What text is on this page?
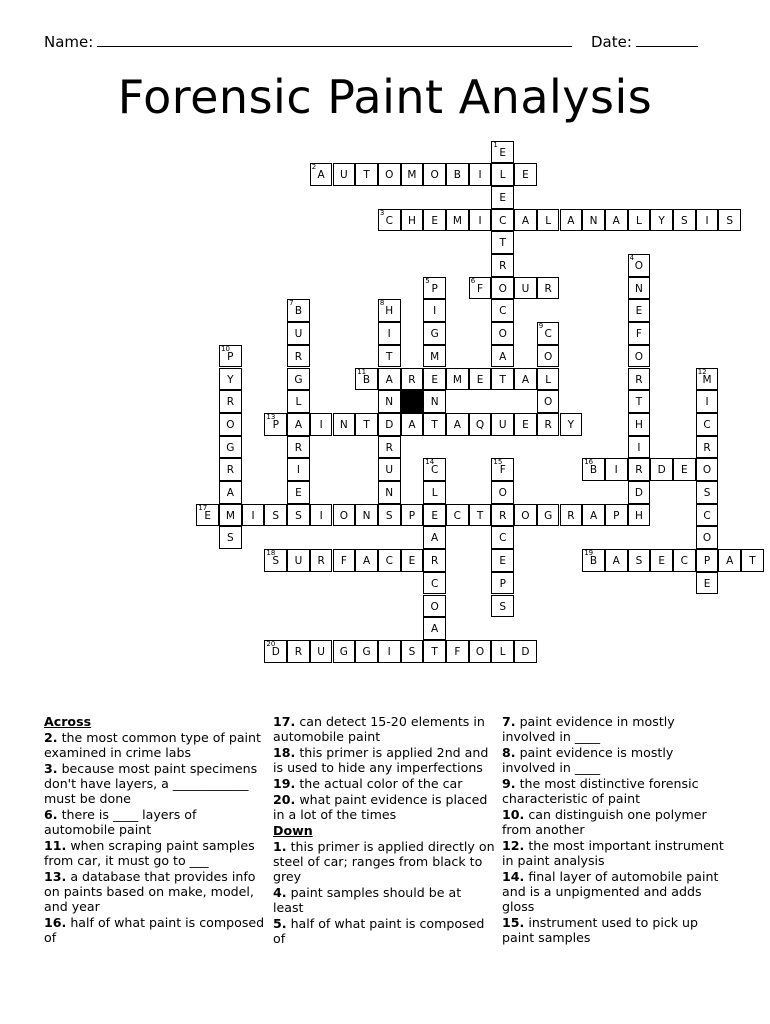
Name:	Date:
Forensic Paint Analysis
1
E
L
E
C
T
R
O
C
O
A
T
2
A	U	T	O	M	O	B	I	E
3
C	H	E	M	I	A	L	A	N	A	L	Y	S	I	S
4
O
N
E
F
O
R
T
H
I
R
D
5
P
I
G
M
E
N
T
6
F	U	R
7
B
U
R
G
L
A
R
I
E
S
8
H
I
T
A
N
D
R
U
N
9
C
O
L
O
R
10
P
Y
R
O
G
R
A
M
S
11
B	R	M	E	A
12
M
I
C
R
O
S
C
O
P
E
13
P	I	N	T	A	A	Q	U	E	Y
14
C
L
E
A
R
C
O
A
T
15
F
O
R
C
E
P
S
16
B	I	D	E
17
E	I	S	I	O	N	S	P	C	T	O	G	R	A	P	H
18
S	U	R	F	A	C	E
19
B	A	S	E	C	A	T
20
D	R	U	G	G	I	S	F	O	L	D
Across
2. the most common type of paint examined in crime labs
3. because most paint specimens don't have layers, a ____________ must be done
6. there is ____ layers of automobile paint
11. when scraping paint samples from car, it must go to ___
13. a database that provides info on paints based on make, model, and year
16. half of what paint is composed of
17. can detect 15-20 elements in automobile paint
18. this primer is applied 2nd and is used to hide any imperfections
19. the actual color of the car
20. what paint evidence is placed in a lot of the times
Down
1. this primer is applied directly on steel of car; ranges from black to grey
4. paint samples should be at least
5. half of what paint is composed of
7. paint evidence in mostly involved in ____
8. paint evidence is mostly involved in ____
9. the most distinctive forensic characteristic of paint
10. can distinguish one polymer from another
12. the most important instrument in paint analysis
14. final layer of automobile paint and is a unpigmented and adds gloss
15. instrument used to pick up paint samples
